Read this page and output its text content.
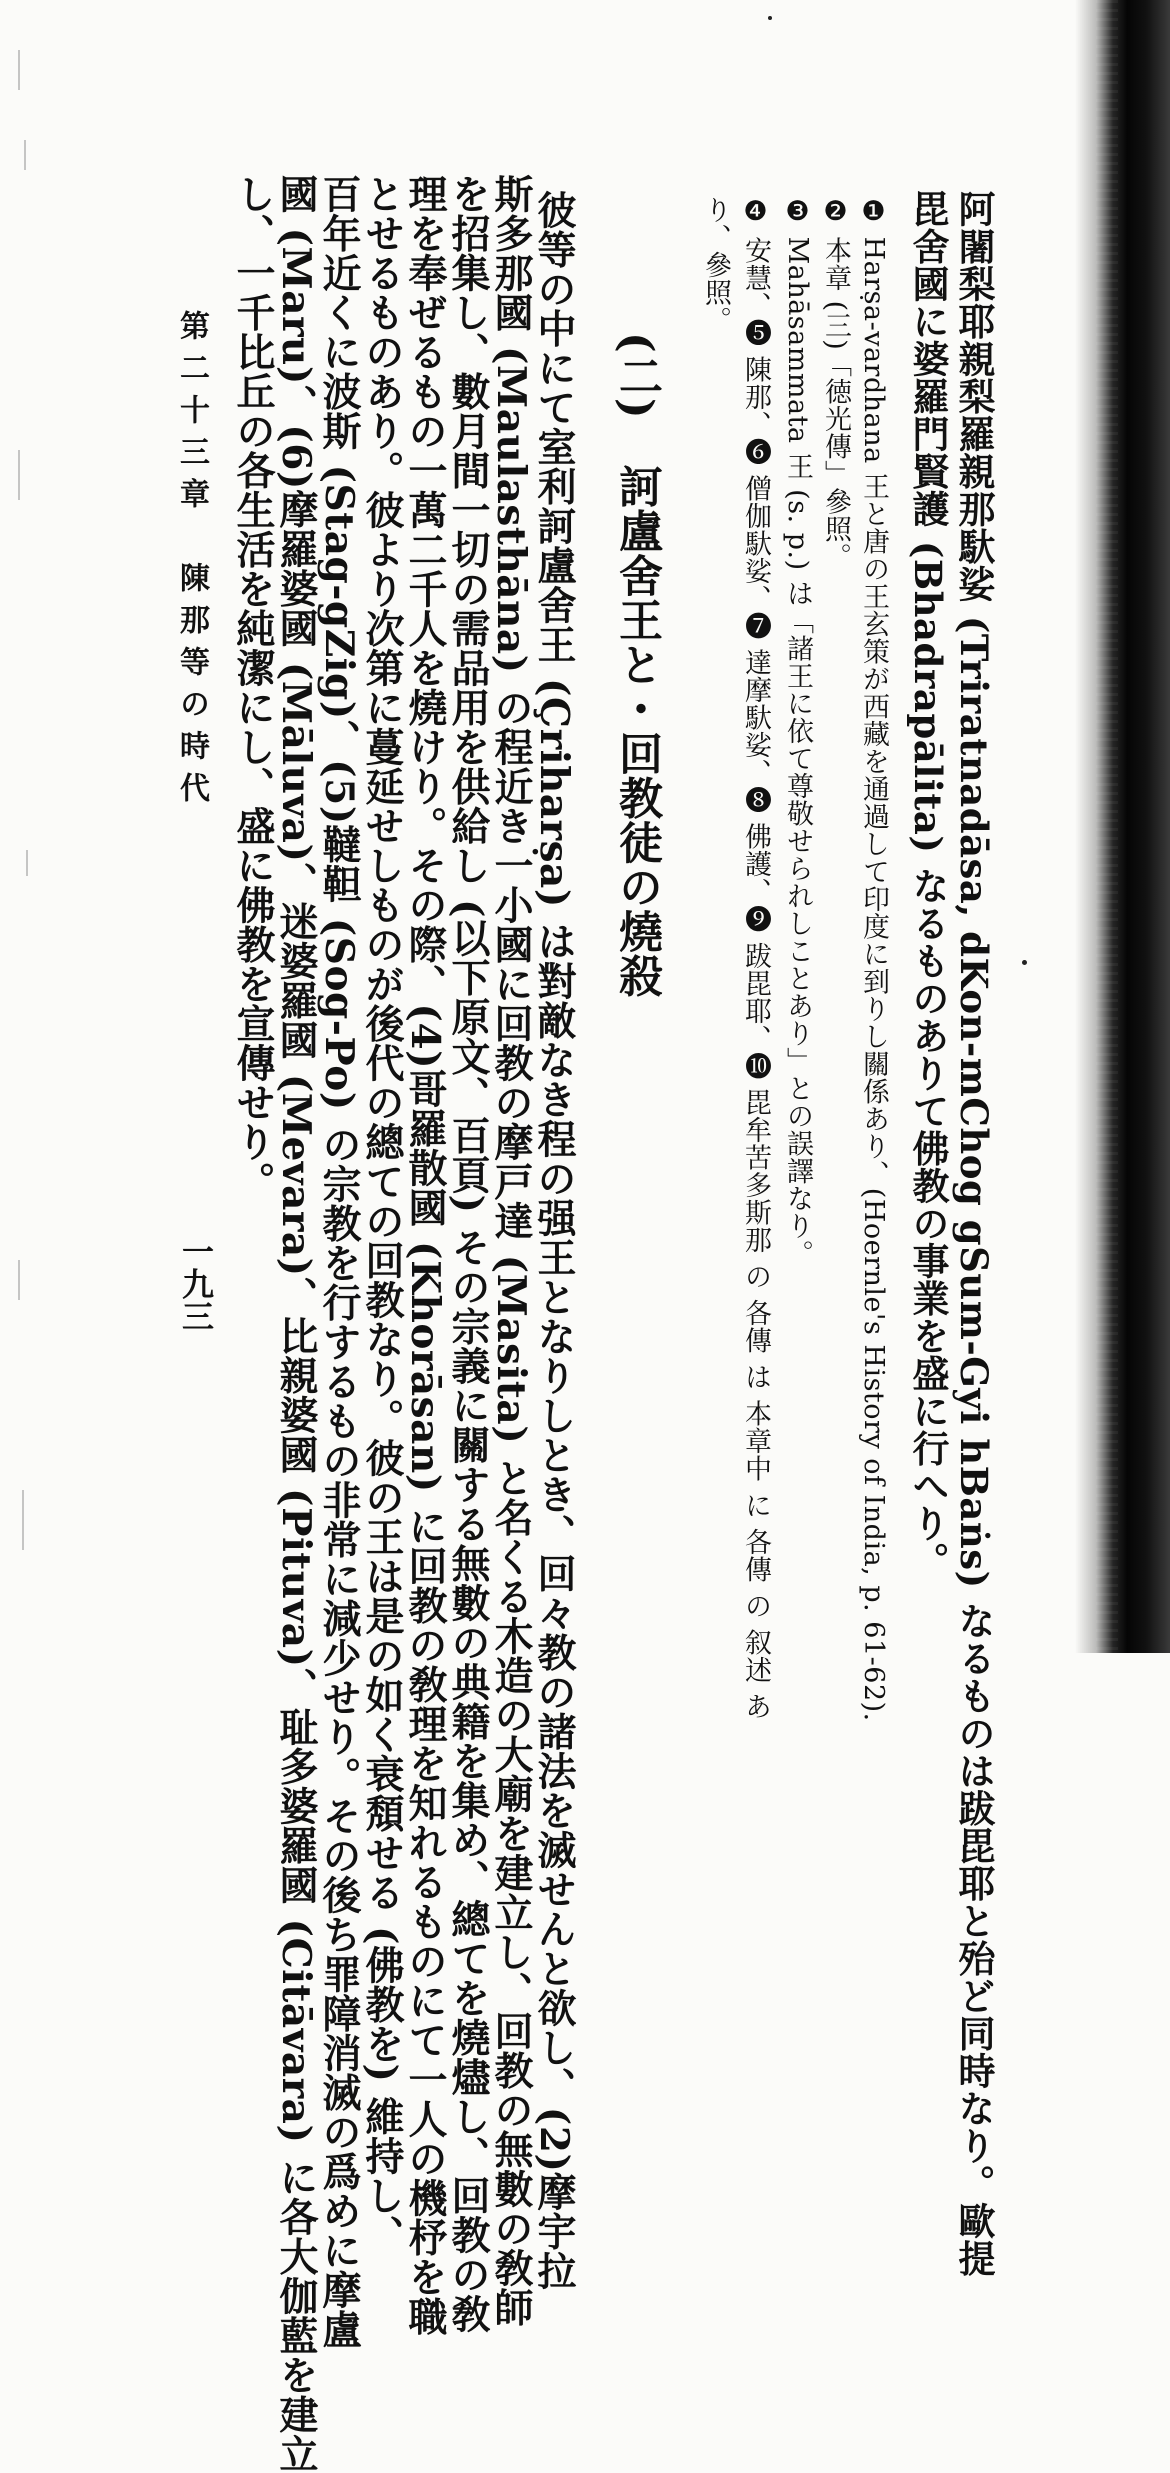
阿闍梨耶親梨羅親那馱娑 (Triratnadāsa, dKon-mChog gSum-Gyi hBaṅs) なるものは跋毘耶と殆ど同時なり。歐提
毘舍國に婆羅門賢護 (Bhadrapālita) なるものありて佛教の事業を盛に行へり。
❶ Harṣa-vardhana 王と唐の王玄策が西藏を通過して印度に到りし關係あり、(Hoernle's History of India, p. 61-62).
❷ 本章 (三)「徳光傳」參照。
❸ Mahāsammata 王 (s. p.) は「諸王に依て尊敬せられしことあり」との誤譯なり。
❹ 安慧、❺ 陳那、❻ 僧伽馱娑、❼ 達摩馱娑、❽ 佛護、❾ 跋毘耶、❿ 毘牟苦多斯那 の 各傳 は 本章中 に 各傳 の 叙述 あ
り、參照。
(二)　訶盧舍王と・回教徒の燒殺
彼等の中にて室利訶盧舍王 (Çriharṣa) は對敵なき程の强王となりしとき、回々教の諸法を滅せんと欲し、(2)摩宇拉
斯多那國 (Maulasthāna) の程近き一小國に回教の摩戸達 (Masita) と名くる木造の大廟を建立し、回教の無數の敎師
を招集し、數月間一切の需品用を供給し (以下原文、百頁) その宗義に關する無數の典籍を集め、總てを燒燼し、回教の敎
理を奉ぜるもの一萬二千人を燒けり。その際、(4)哥羅散國 (Khorāsan) に回教の敎理を知れるものにて一人の機杼を職
とせるものあり。彼より次第に蔓延せしものが後代の總ての回教なり。彼の王は是の如く衰頽せる (佛教を) 維持し、
百年近くに波斯 (Stag-gZig)、(5)韃靼 (Sog-Po) の宗教を行するもの非常に減少せり。その後ち罪障消滅の爲めに摩盧
國 (Maru)、(6)摩羅婆國 (Māluva)、迷婆羅國 (Mevara)、比親婆國 (Pituva)、耻多婆羅國 (Citāvara) に各大伽藍を建立
し、一千比丘の各生活を純潔にし、盛に佛教を宣傳せり。
第二十三章　陳那等の時代
一九三
